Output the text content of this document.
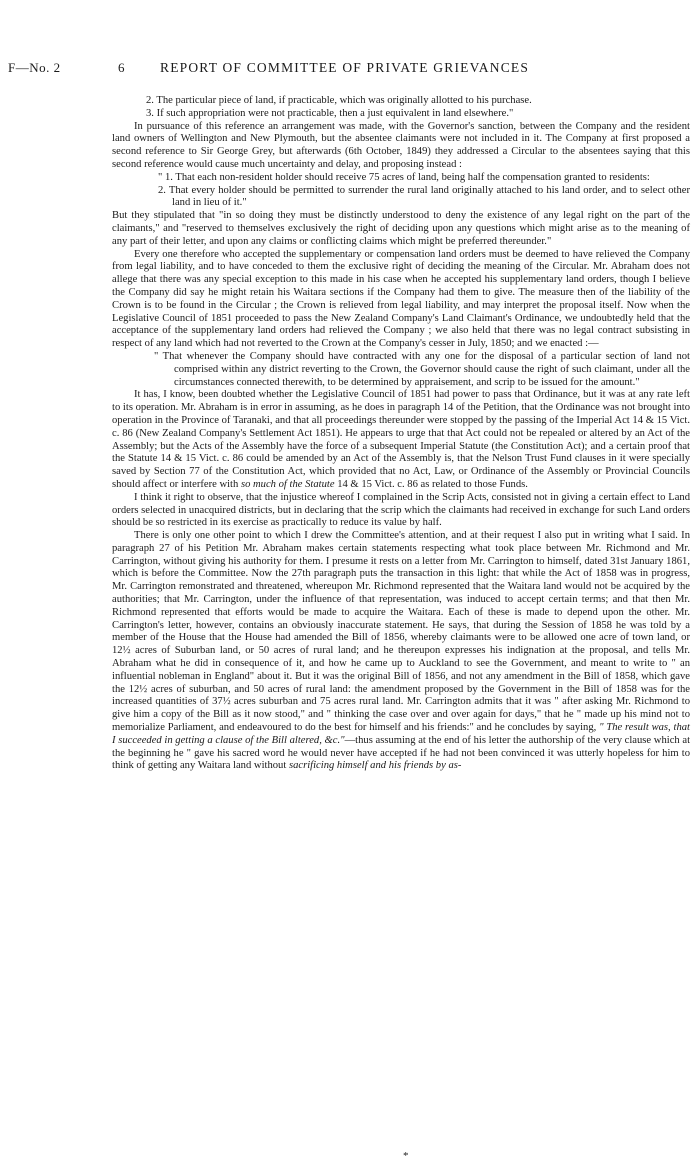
F—No. 2	6	REPORT OF COMMITTEE OF PRIVATE GRIEVANCES

2. The particular piece of land, if practicable, which was originally allotted to his purchase.

3. If such appropriation were not practicable, then a just equivalent in land elsewhere."

In pursuance of this reference an arrangement was made, with the Governor's sanction, between the Company and the resident land owners of Wellington and New Plymouth, but the absentee claimants were not included in it. The Company at first proposed a second reference to Sir George Grey, but afterwards (6th October, 1849) they addressed a Circular to the absentees saying that this second reference would cause much uncertainty and delay, and proposing instead :

" 1. That each non-resident holder should receive 75 acres of land, being half the compensation granted to residents:

2. That every holder should be permitted to surrender the rural land originally attached to his land order, and to select other land in lieu of it."

But they stipulated that "in so doing they must be distinctly understood to deny the existence of any legal right on the part of the claimants," and "reserved to themselves exclusively the right of deciding upon any questions which might arise as to the meaning of any part of their letter, and upon any claims or conflicting claims which might be preferred thereunder."

Every one therefore who accepted the supplementary or compensation land orders must be deemed to have relieved the Company from legal liability, and to have conceded to them the exclusive right of deciding the meaning of the Circular. Mr. Abraham does not allege that there was any special exception to this made in his case when he accepted his supplementary land orders, though I believe the Company did say he might retain his Waitara sections if the Company had them to give. The measure then of the liability of the Crown is to be found in the Circular ; the Crown is relieved from legal liability, and may interpret the proposal itself. Now when the Legislative Council of 1851 proceeded to pass the New Zealand Company's Land Claimant's Ordinance, we undoubtedly held that the acceptance of the supplementary land orders had relieved the Company ; we also held that there was no legal contract subsisting in respect of any land which had not reverted to the Crown at the Company's cesser in July, 1850; and we enacted :—

" That whenever the Company should have contracted with any one for the disposal of a particular section of land not comprised within any district reverting to the Crown, the Governor should cause the right of such claimant, under all the circumstances connected therewith, to be determined by appraisement, and scrip to be issued for the amount."

It has, I know, been doubted whether the Legislative Council of 1851 had power to pass that Ordinance, but it was at any rate left to its operation. Mr. Abraham is in error in assuming, as he does in paragraph 14 of the Petition, that the Ordinance was not brought into operation in the Province of Taranaki, and that all proceedings thereunder were stopped by the passing of the Imperial Act 14 & 15 Vict. c. 86 (New Zealand Company's Settlement Act 1851). He appears to urge that that Act could not be repealed or altered by an Act of the Assembly; but the Acts of the Assembly have the force of a subsequent Imperial Statute (the Constitution Act); and a certain proof that the Statute 14 & 15 Vict. c. 86 could be amended by an Act of the Assembly is, that the Nelson Trust Fund clauses in it were specially saved by Section 77 of the Constitution Act, which provided that no Act, Law, or Ordinance of the Assembly or Provincial Councils should affect or interfere with so much of the Statute 14 & 15 Vict. c. 86 as related to those Funds.

I think it right to observe, that the injustice whereof I complained in the Scrip Acts, consisted not in giving a certain effect to Land orders selected in unacquired districts, but in declaring that the scrip which the claimants had received in exchange for such Land orders should be so restricted in its exercise as practically to reduce its value by half.

There is only one other point to which I drew the Committee's attention, and at their request I also put in writing what I said. In paragraph 27 of his Petition Mr. Abraham makes certain statements respecting what took place between Mr. Richmond and Mr. Carrington, without giving his authority for them. I presume it rests on a letter from Mr. Carrington to himself, dated 31st January 1861, which is before the Committee. Now the 27th paragraph puts the transaction in this light: that while the Act of 1858 was in progress, Mr. Carrington remonstrated and threatened, whereupon Mr. Richmond represented that the Waitara land would not be acquired by the authorities; that Mr. Carrington, under the influence of that representation, was induced to accept certain terms; and that then Mr. Richmond represented that efforts would be made to acquire the Waitara. Each of these is made to depend upon the other. Mr. Carrington's letter, however, contains an obviously inaccurate statement. He says, that during the Session of 1858 he was told by a member of the House that the House had amended the Bill of 1856, whereby claimants were to be allowed one acre of town land, or 12½ acres of Suburban land, or 50 acres of rural land; and he thereupon expresses his indignation at the proposal, and tells Mr. Abraham what he did in consequence of it, and how he came up to Auckland to see the Government, and meant to write to " an influential nobleman in England" about it. But it was the original Bill of 1856, and not any amendment in the Bill of 1858, which gave the 12½ acres of suburban, and 50 acres of rural land: the amendment proposed by the Government in the Bill of 1858 was for the increased quantities of 37½ acres suburban and 75 acres rural land. Mr. Carrington admits that it was " after asking Mr. Richmond to give him a copy of the Bill as it now stood," and " thinking the case over and over again for days," that he " made up his mind not to memorialize Parliament, and endeavoured to do the best for himself and his friends:" and he concludes by saying, " The result was, that I succeeded in getting a clause of the Bill altered, &c."—thus assuming at the end of his letter the authorship of the very clause which at the beginning he " gave his sacred word he would never have accepted if he had not been convinced it was utterly hopeless for him to think of getting any Waitara land without sacrificing himself and his friends by as-

*
